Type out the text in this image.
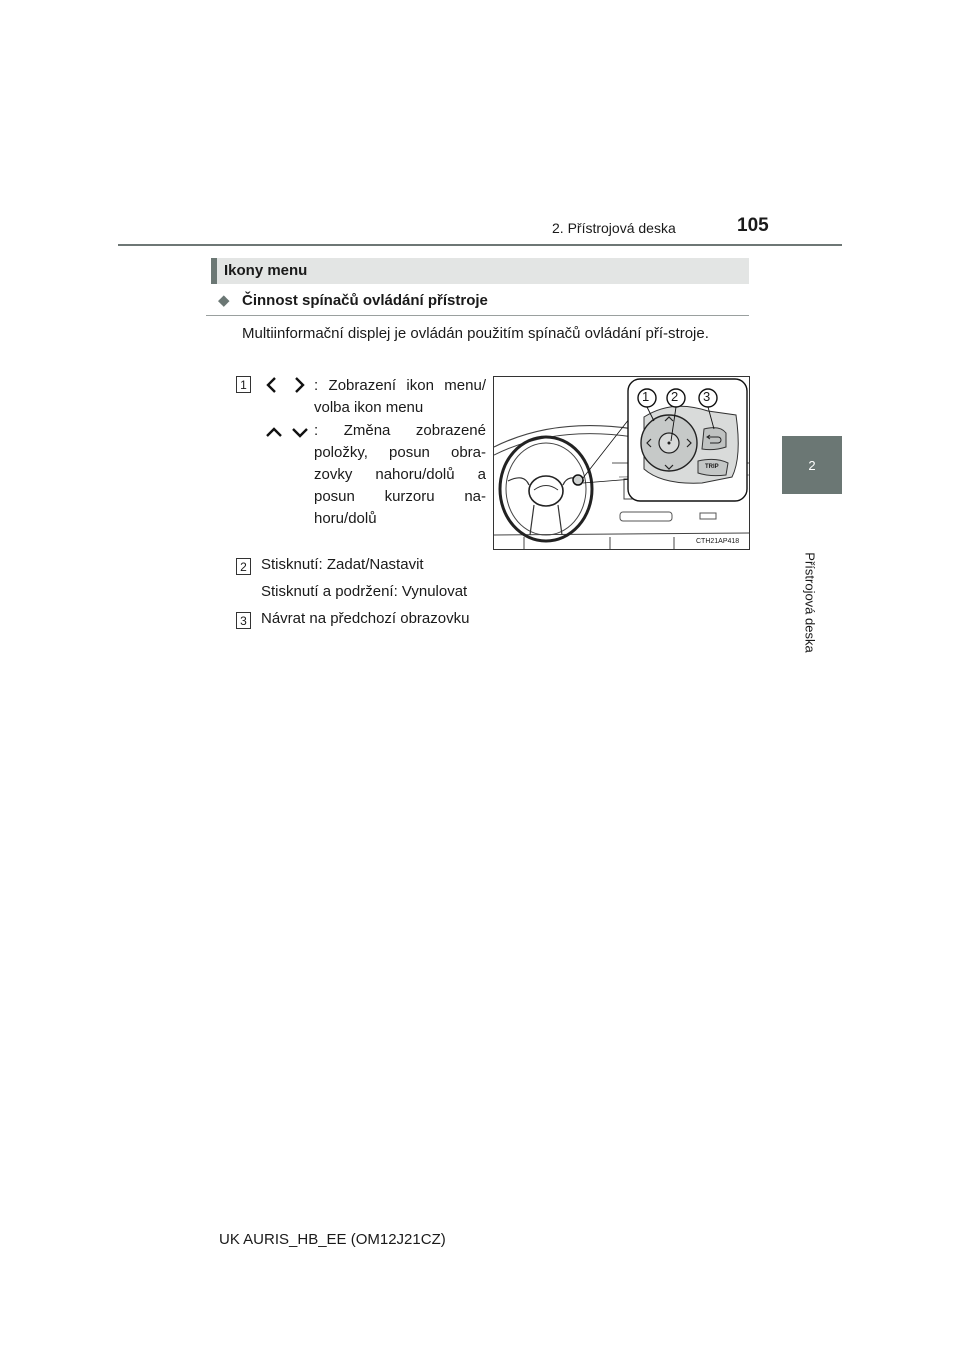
2. Přístrojová deska	105
2
Přístrojová deska
Ikony menu
◆ Činnost spínačů ovládání přístroje
Multiinformační displej je ovládán použitím spínačů ovládání pří-stroje.
1	: Zobrazení ikon menu/ volba ikon menu
: Změna zobrazené položky, posun obra-zovky nahoru/dolů a posun kurzoru na-horu/dolů
1 2 3
TRIP
CTH21AP418
2 Stisknutí: Zadat/Nastavit
Stisknutí a podržení: Vynulovat
3 Návrat na předchozí obrazovku
UK AURIS_HB_EE (OM12J21CZ)
